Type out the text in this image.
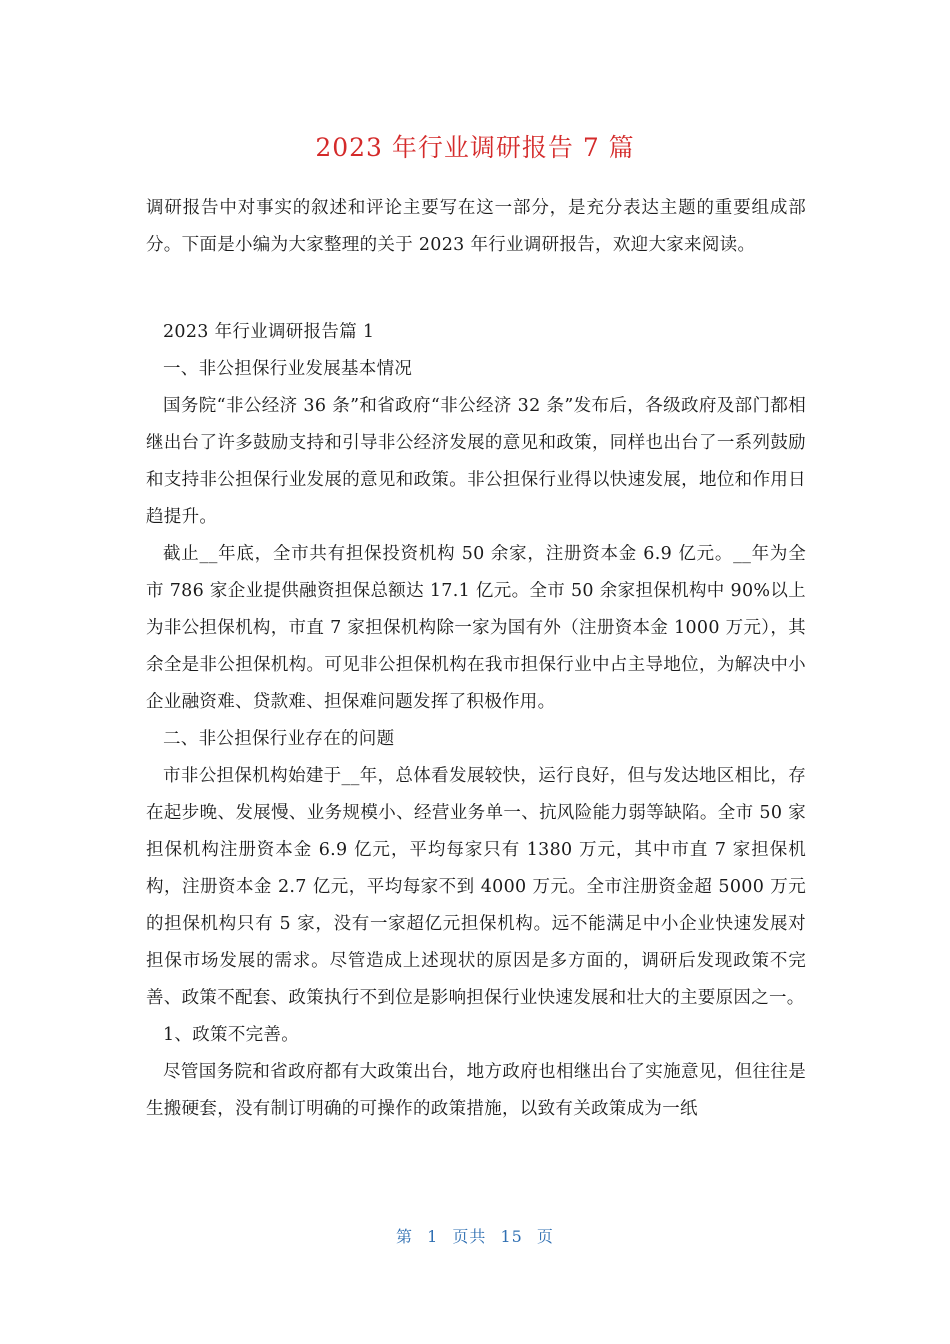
2023 年行业调研报告 7 篇

调研报告中对事实的叙述和评论主要写在这一部分，是充分表达主题的重要组成部分。下面是小编为大家整理的关于 2023 年行业调研报告，欢迎大家来阅读。

2023 年行业调研报告篇 1

一、非公担保行业发展基本情况

国务院“非公经济 36 条”和省政府“非公经济 32 条”发布后，各级政府及部门都相继出台了许多鼓励支持和引导非公经济发展的意见和政策，同样也出台了一系列鼓励和支持非公担保行业发展的意见和政策。非公担保行业得以快速发展，地位和作用日趋提升。

截止__年底，全市共有担保投资机构 50 余家，注册资本金 6.9 亿元。__年为全市 786 家企业提供融资担保总额达 17.1 亿元。全市 50 余家担保机构中 90%以上为非公担保机构，市直 7 家担保机构除一家为国有外（注册资本金 1000 万元），其余全是非公担保机构。可见非公担保机构在我市担保行业中占主导地位，为解决中小企业融资难、贷款难、担保难问题发挥了积极作用。

二、非公担保行业存在的问题

市非公担保机构始建于__年，总体看发展较快，运行良好，但与发达地区相比，存在起步晚、发展慢、业务规模小、经营业务单一、抗风险能力弱等缺陷。全市 50 家担保机构注册资本金 6.9 亿元，平均每家只有 1380 万元，其中市直 7 家担保机构，注册资本金 2.7 亿元，平均每家不到 4000 万元。全市注册资金超 5000 万元的担保机构只有 5 家，没有一家超亿元担保机构。远不能满足中小企业快速发展对担保市场发展的需求。尽管造成上述现状的原因是多方面的，调研后发现政策不完善、政策不配套、政策执行不到位是影响担保行业快速发展和壮大的主要原因之一。

1、政策不完善。

尽管国务院和省政府都有大政策出台，地方政府也相继出台了实施意见，但往往是生搬硬套，没有制订明确的可操作的政策措施，以致有关政策成为一纸

第 1 页共 15 页
